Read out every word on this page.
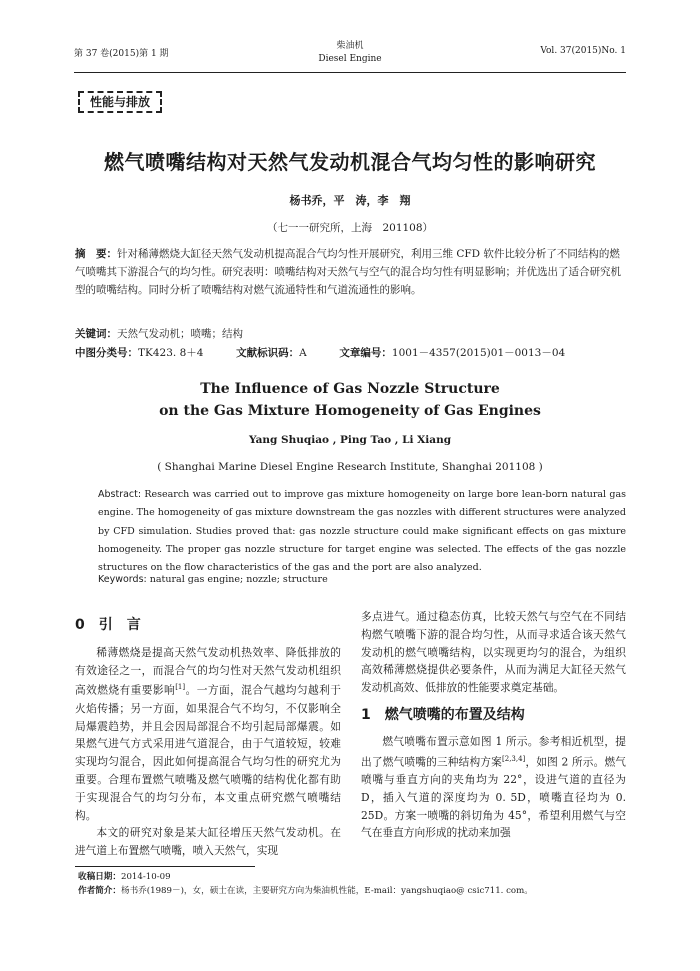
第 37 卷(2015)第 1 期
柴油机
Diesel Engine
Vol. 37(2015)No. 1
性能与排放
燃气喷嘴结构对天然气发动机混合气均匀性的影响研究
杨书乔，平　涛，李　翔
（七一一研究所，上海　201108）
摘　要：针对稀薄燃烧大缸径天然气发动机提高混合气均匀性开展研究，利用三维 CFD 软件比较分析了不同结构的燃气喷嘴其下游混合气的均匀性。研究表明：喷嘴结构对天然气与空气的混合均匀性有明显影响；并优选出了适合研究机型的喷嘴结构。同时分析了喷嘴结构对燃气流通特性和气道流通性的影响。
关键词：天然气发动机；喷嘴；结构
中图分类号：TK423. 8＋4	文献标识码：A	文章编号：1001－4357(2015)01－0013－04
The Influence of Gas Nozzle Structure
on the Gas Mixture Homogeneity of Gas Engines
Yang Shuqiao , Ping Tao , Li Xiang
( Shanghai Marine Diesel Engine Research Institute, Shanghai 201108 )
Abstract: Research was carried out to improve gas mixture homogeneity on large bore lean-born natural gas engine. The homogeneity of gas mixture downstream the gas nozzles with different structures were analyzed by CFD simulation. Studies proved that: gas nozzle structure could make significant effects on gas mixture homogeneity. The proper gas nozzle structure for target engine was selected. The effects of the gas nozzle structures on the flow characteristics of the gas and the port are also analyzed.
Keywords: natural gas engine; nozzle; structure
0　引　言

稀薄燃烧是提高天然气发动机热效率、降低排放的有效途径之一，而混合气的均匀性对天然气发动机组织高效燃烧有重要影响[1]。一方面，混合气越均匀越利于火焰传播；另一方面，如果混合气不均匀，不仅影响全局爆震趋势，并且会因局部混合不均引起局部爆震。如果燃气进气方式采用进气道混合，由于气道较短，较难实现均匀混合，因此如何提高混合气均匀性的研究尤为重要。合理布置燃气喷嘴及燃气喷嘴的结构优化都有助于实现混合气的均匀分布，本文重点研究燃气喷嘴结构。

本文的研究对象是某大缸径增压天然气发动机。在进气道上布置燃气喷嘴，喷入天然气，实现

多点进气。通过稳态仿真，比较天然气与空气在不同结构燃气喷嘴下游的混合均匀性，从而寻求适合该天然气发动机的燃气喷嘴结构，以实现更均匀的混合，为组织高效稀薄燃烧提供必要条件，从而为满足大缸径天然气发动机高效、低排放的性能要求奠定基础。

1　燃气喷嘴的布置及结构

燃气喷嘴布置示意如图 1 所示。参考相近机型，提出了燃气喷嘴的三种结构方案[2,3,4]，如图 2 所示。燃气喷嘴与垂直方向的夹角均为 22°，设进气道的直径为 D，插入气道的深度均为 0. 5D，喷嘴直径均为 0. 25D。方案一喷嘴的斜切角为 45°，希望利用燃气与空气在垂直方向形成的扰动来加强

收稿日期：2014-10-09
作者简介：杨书乔(1989－)，女，硕士在读，主要研究方向为柴油机性能，E-mail：yangshuqiao@ csic711. com。
